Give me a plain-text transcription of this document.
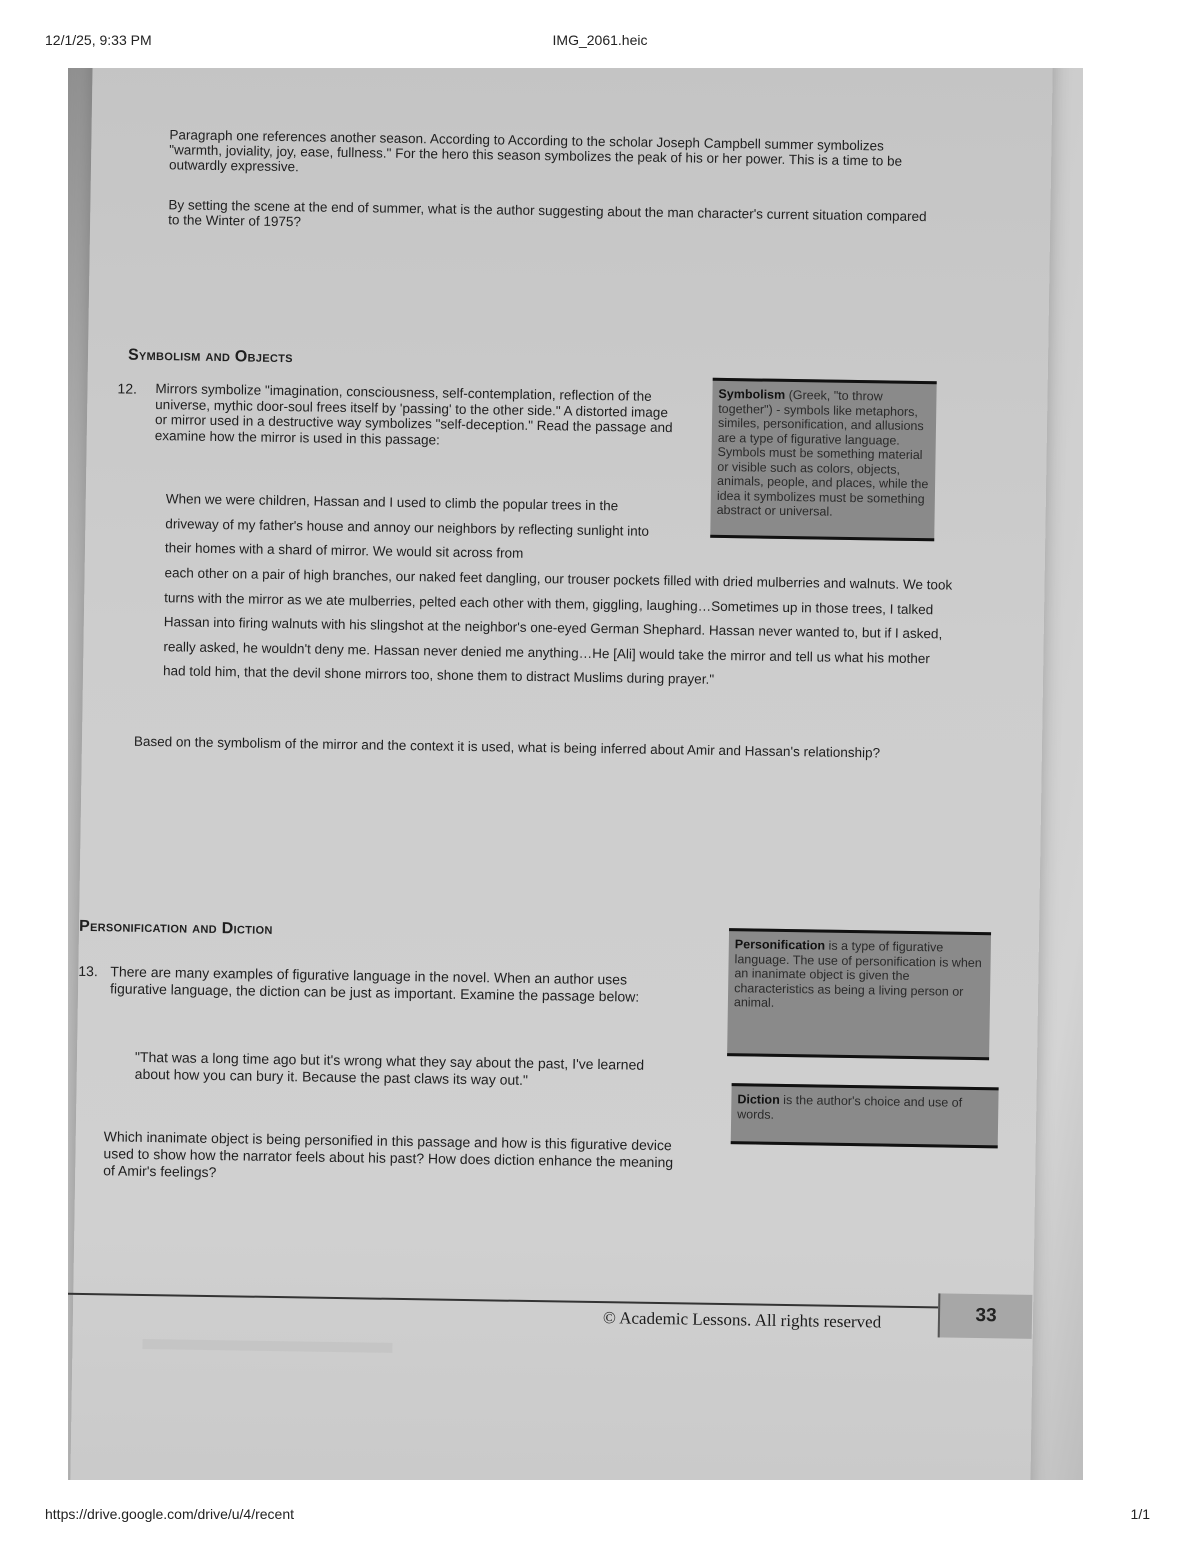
12/1/25, 9:33 PM	IMG_2061.heic
Paragraph one references another season. According to According to the scholar Joseph Campbell summer symbolizes "warmth, joviality, joy, ease, fullness." For the hero this season symbolizes the peak of his or her power. This is a time to be outwardly expressive.
By setting the scene at the end of summer, what is the author suggesting about the man character's current situation compared to the Winter of 1975?
Symbolism and Objects
12. Mirrors symbolize "imagination, consciousness, self-contemplation, reflection of the universe, mythic door-soul frees itself by 'passing' to the other side." A distorted image or mirror used in a destructive way symbolizes "self-deception." Read the passage and examine how the mirror is used in this passage:
Symbolism (Greek, "to throw together") - symbols like metaphors, similes, personification, and allusions are a type of figurative language. Symbols must be something material or visible such as colors, objects, animals, people, and places, while the idea it symbolizes must be something abstract or universal.
When we were children, Hassan and I used to climb the popular trees in the driveway of my father's house and annoy our neighbors by reflecting sunlight into their homes with a shard of mirror. We would sit across from
each other on a pair of high branches, our naked feet dangling, our trouser pockets filled with dried mulberries and walnuts. We took turns with the mirror as we ate mulberries, pelted each other with them, giggling, laughing…Sometimes up in those trees, I talked Hassan into firing walnuts with his slingshot at the neighbor's one-eyed German Shephard. Hassan never wanted to, but if I asked, really asked, he wouldn't deny me. Hassan never denied me anything…He [Ali] would take the mirror and tell us what his mother had told him, that the devil shone mirrors too, shone them to distract Muslims during prayer."
Based on the symbolism of the mirror and the context it is used, what is being inferred about Amir and Hassan's relationship?
Personification and Diction
13. There are many examples of figurative language in the novel. When an author uses figurative language, the diction can be just as important. Examine the passage below:
"That was a long time ago but it's wrong what they say about the past, I've learned about how you can bury it. Because the past claws its way out."
Which inanimate object is being personified in this passage and how is this figurative device used to show how the narrator feels about his past? How does diction enhance the meaning of Amir's feelings?
Personification is a type of figurative language. The use of personification is when an inanimate object is given the characteristics as being a living person or animal.
Diction is the author's choice and use of words.
© Academic Lessons. All rights reserved	33
https://drive.google.com/drive/u/4/recent	1/1
